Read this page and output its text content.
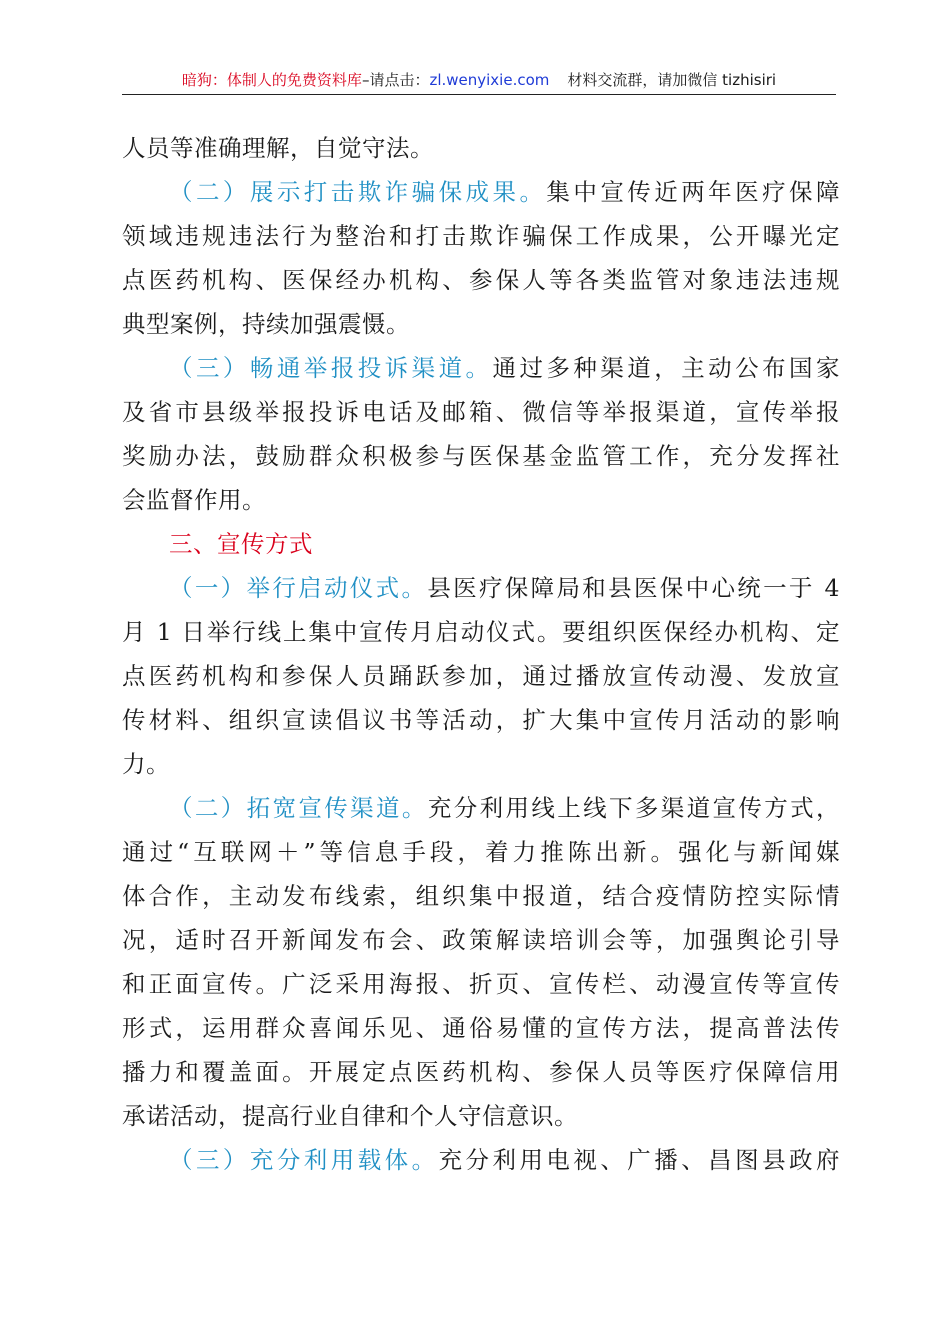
暗狗：体制人的免费资料库–请点击：zl.wenyixie.com 材料交流群，请加微信 tizhisiri
人员等准确理解，自觉守法。
（二）展示打击欺诈骗保成果。集中宣传近两年医疗保障
领域违规违法行为整治和打击欺诈骗保工作成果，公开曝光定
点医药机构、医保经办机构、参保人等各类监管对象违法违规
典型案例，持续加强震慑。
（三）畅通举报投诉渠道。通过多种渠道，主动公布国家
及省市县级举报投诉电话及邮箱、微信等举报渠道，宣传举报
奖励办法，鼓励群众积极参与医保基金监管工作，充分发挥社
会监督作用。
三、宣传方式
（一）举行启动仪式。县医疗保障局和县医保中心统一于 4
月 1 日举行线上集中宣传月启动仪式。要组织医保经办机构、定
点医药机构和参保人员踊跃参加，通过播放宣传动漫、发放宣
传材料、组织宣读倡议书等活动，扩大集中宣传月活动的影响
力。
（二）拓宽宣传渠道。充分利用线上线下多渠道宣传方式，
通过“互联网＋”等信息手段，着力推陈出新。强化与新闻媒
体合作，主动发布线索，组织集中报道，结合疫情防控实际情
况，适时召开新闻发布会、政策解读培训会等，加强舆论引导
和正面宣传。广泛采用海报、折页、宣传栏、动漫宣传等宣传
形式，运用群众喜闻乐见、通俗易懂的宣传方法，提高普法传
播力和覆盖面。开展定点医药机构、参保人员等医疗保障信用
承诺活动，提高行业自律和个人守信意识。
（三）充分利用载体。充分利用电视、广播、昌图县政府
